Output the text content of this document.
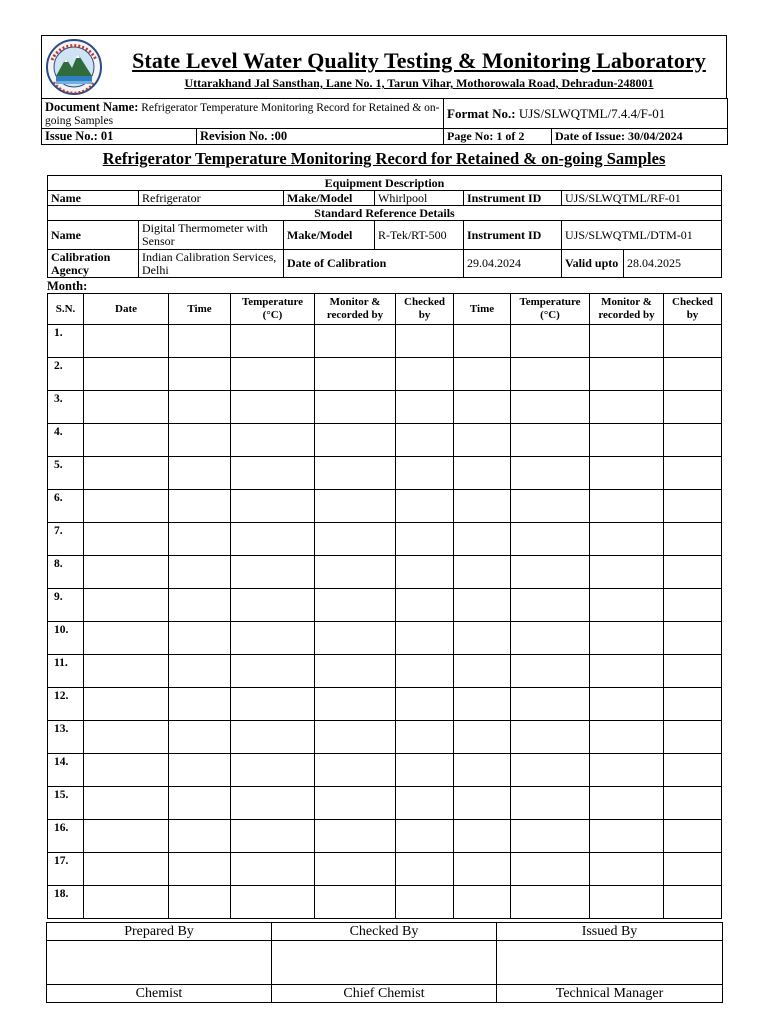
State Level Water Quality Testing & Monitoring Laboratory
Uttarakhand Jal Sansthan, Lane No. 1, Tarun Vihar, Mothorowala Road, Dehradun-248001
Document Name: Refrigerator Temperature Monitoring Record for Retained & on-going Samples		Format No.: UJS/SLWQTML/7.4.4/F-01	
Issue No.: 01	Revision No. :00	Page No: 1 of 2	Date of Issue: 30/04/2024
Refrigerator Temperature Monitoring Record for Retained & on-going Samples
Equipment Description						
Name	Refrigerator	Make/Model	Whirlpool	Instrument ID	UJS/SLWQTML/RF-01	
Standard Reference Details						
Name	Digital Thermometer with Sensor	Make/Model	R-Tek/RT-500	Instrument ID	UJS/SLWQTML/DTM-01	
Calibration Agency	Indian Calibration Services, Delhi	Date of Calibration		29.04.2024	Valid upto	28.04.2025
Month:
S.N.	Date	Time	Temperature (°C)	Monitor & recorded by	Checked by	Time	Temperature (°C)	Monitor & recorded by	Checked by
1.									
2.									
3.									
4.									
5.									
6.									
7.									
8.									
9.									
10.									
11.									
12.									
13.									
14.									
15.									
16.									
17.									
18.									
Prepared By	Checked By	Issued By

Chemist	Chief Chemist	Technical Manager
